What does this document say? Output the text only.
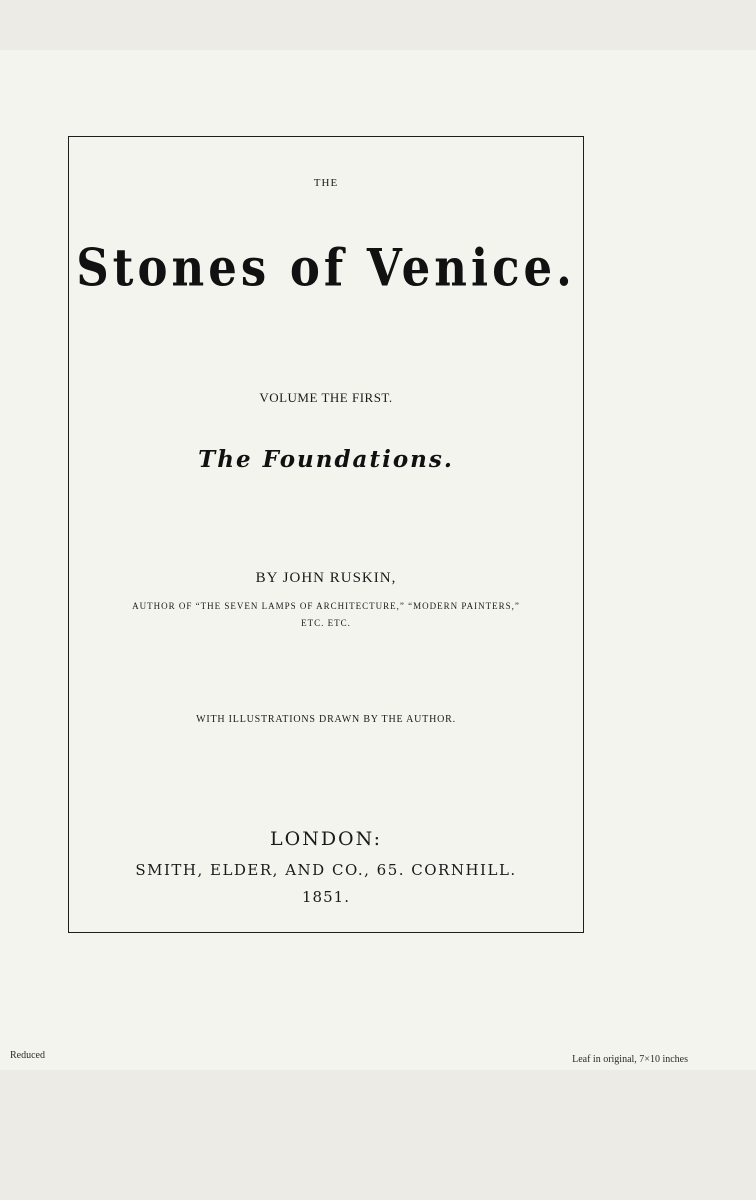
THE
Stones of Venice.
VOLUME THE FIRST.
The Foundations.
BY JOHN RUSKIN,
AUTHOR OF “THE SEVEN LAMPS OF ARCHITECTURE,” “MODERN PAINTERS,”
ETC. ETC.
WITH ILLUSTRATIONS DRAWN BY THE AUTHOR.
LONDON:
SMITH, ELDER, AND CO., 65. CORNHILL.
1851.
Reduced	Leaf in original, 7×10 inches
